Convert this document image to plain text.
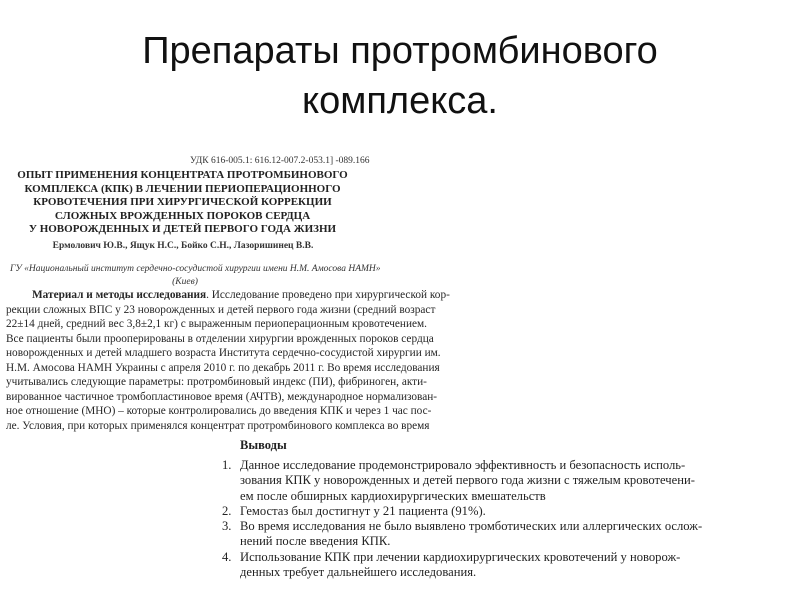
Препараты протромбинового
комплекса.
УДК 616-005.1: 616.12-007.2-053.1] -089.166
ОПЫТ ПРИМЕНЕНИЯ КОНЦЕНТРАТА ПРОТРОМБИНОВОГО
КОМПЛЕКСА (КПК) В ЛЕЧЕНИИ ПЕРИОПЕРАЦИОННОГО
КРОВОТЕЧЕНИЯ ПРИ ХИРУРГИЧЕСКОЙ КОРРЕКЦИИ
СЛОЖНЫХ ВРОЖДЕННЫХ ПОРОКОВ СЕРДЦА
У НОВОРОЖДЕННЫХ И ДЕТЕЙ ПЕРВОГО ГОДА ЖИЗНИ
Ермолович Ю.В., Ящук Н.С., Бойко С.Н., Лазоришинец В.В.
ГУ «Национальный институт сердечно-сосудистой хирургии имени Н.М. Амосова НАМН»
(Киев)
Материал и методы исследования. Исследование проведено при хирургической кор-
рекции сложных ВПС у 23 новорожденных и детей первого года жизни (средний возраст
22±14 дней, средний вес 3,8±2,1 кг) с выраженным периоперационным кровотечением.
Все пациенты были прооперированы в отделении хирургии врожденных пороков сердца
новорожденных и детей младшего возраста Института сердечно-сосудистой хирургии им.
Н.М. Амосова НАМН Украины с апреля 2010 г. по декабрь 2011 г. Во время исследования
учитывались следующие параметры: протромбиновый индекс (ПИ), фибриноген, акти-
вированное частичное тромбопластиновое время (АЧТВ), международное нормализован-
ное отношение (МНО) – которые контролировались до введения КПК и через 1 час пос-
ле. Условия, при которых применялся концентрат протромбинового комплекса во время
Выводы
1. Данное исследование продемонстрировало эффективность и безопасность исполь-
зования КПК у новорожденных и детей первого года жизни с тяжелым кровотечени-
ем после обширных кардиохирургических вмешательств
2. Гемостаз был достигнут у 21 пациента (91%).
3. Во время исследования не было выявлено тромботических или аллергических ослож-
нений после введения КПК.
4. Использование КПК при лечении кардиохирургических кровотечений у новорож-
денных требует дальнейшего исследования.
